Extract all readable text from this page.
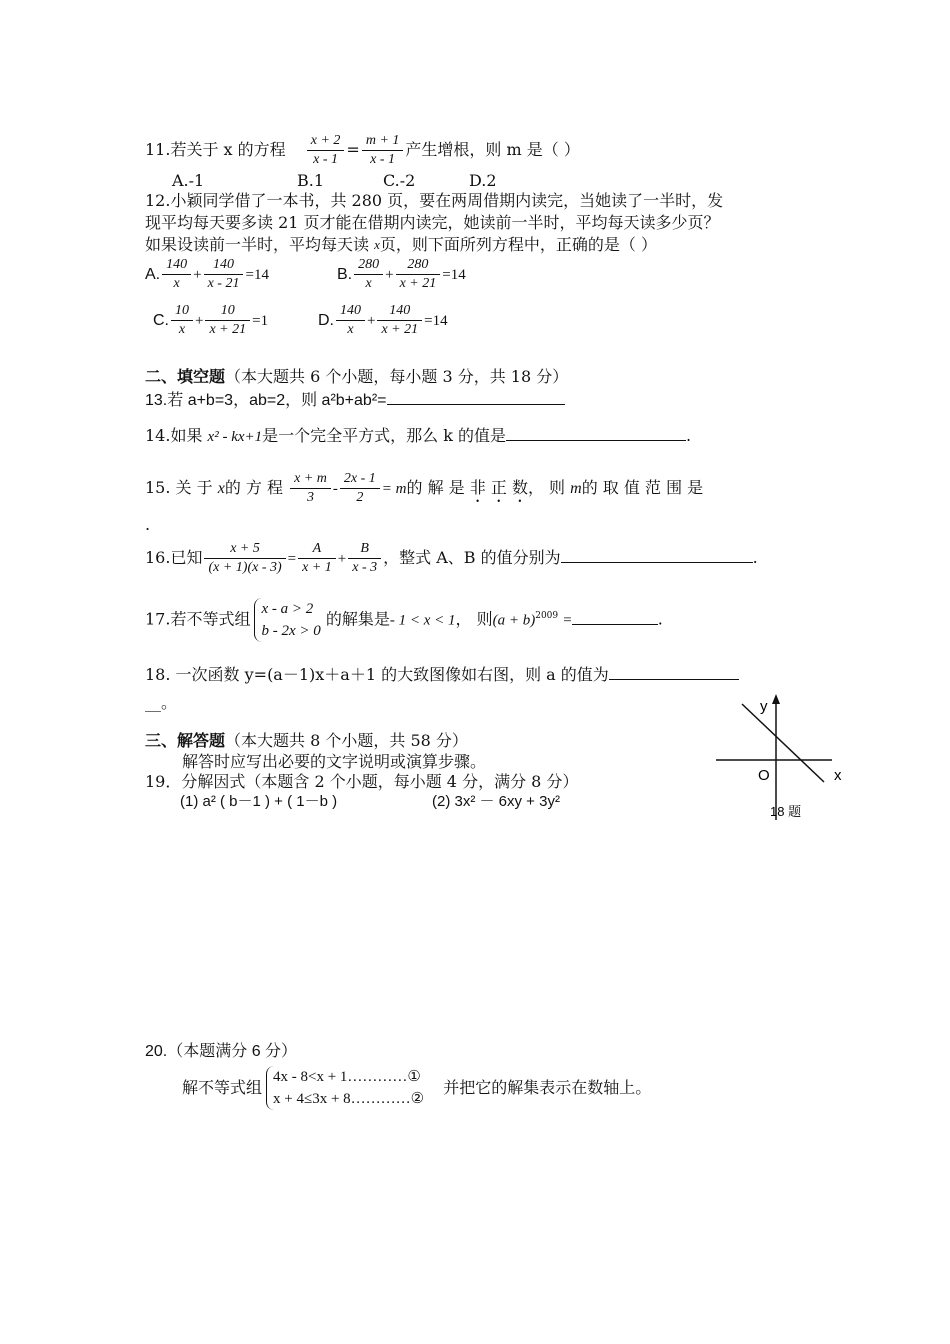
11.若关于 x 的方程 $\frac{x + 2}{x - 1} = \frac{m + 1}{x - 1}$ 产生增根，则 m 是（ ）
A.-1	B.1	C.-2	D.2
12.小颖同学借了一本书，共 280 页，要在两周借期内读完，当她读了一半时，发
现平均每天要多读 21 页才能在借期内读完，她读前一半时，平均每天读多少页？
如果设读前一半时，平均每天读 $^x$页，则下面所列方程中，正确的是（ ）
A. $\frac{140}{x} + \frac{140}{x - 21} =14$	B. $\frac{280}{x} + \frac{280}{x + 21} =14$
C. $\frac{10}{x} + \frac{10}{x + 21} =1$	D. $\frac{140}{x} + \frac{140}{x + 21} =14$
二、填空题（本大题共 6 个小题，每小题 3 分，共 18 分）
13.若 a+b=3，ab=2，则 a²b+ab²=
14.如果 x² - kx+1是一个完全平方式，那么 k 的值是	.
15. 关 于 x的 方 程 $\frac{x + m}{3} - \frac{2x - 1}{2} = m$的 解 是 非 正 数， 则 m的 取 值 范 围 是
.
16.已知 $\frac{x + 5}{(x + 1)(x - 3)} = \frac{A}{x + 1} + \frac{B}{x - 3}$ ，整式 A、B 的值分别为	.
17.若不等式组
x - a > 2
b - 2x > 0
的解集是- 1 < x < 1， 则$(a + b)^{2009}$ =	.
18. 一次函数 y=(a－1)x＋a＋1 的大致图像如右图，则 a 的值为
__。	y
x
O
18 题
三、解答题（本大题共 8 个小题，共 58 分）
解答时应写出必要的文字说明或演算步骤。
19．分解因式（本题含 2 个小题，每小题 4 分，满分 8 分）
(1) a² ( b－1 ) + ( 1－b )	(2) 3x² － 6xy + 3y²
20.（本题满分 6 分）
解不等式组
4x - 8<x + 1…………①
x + 4≤3x + 8…………②
并把它的解集表示在数轴上。
